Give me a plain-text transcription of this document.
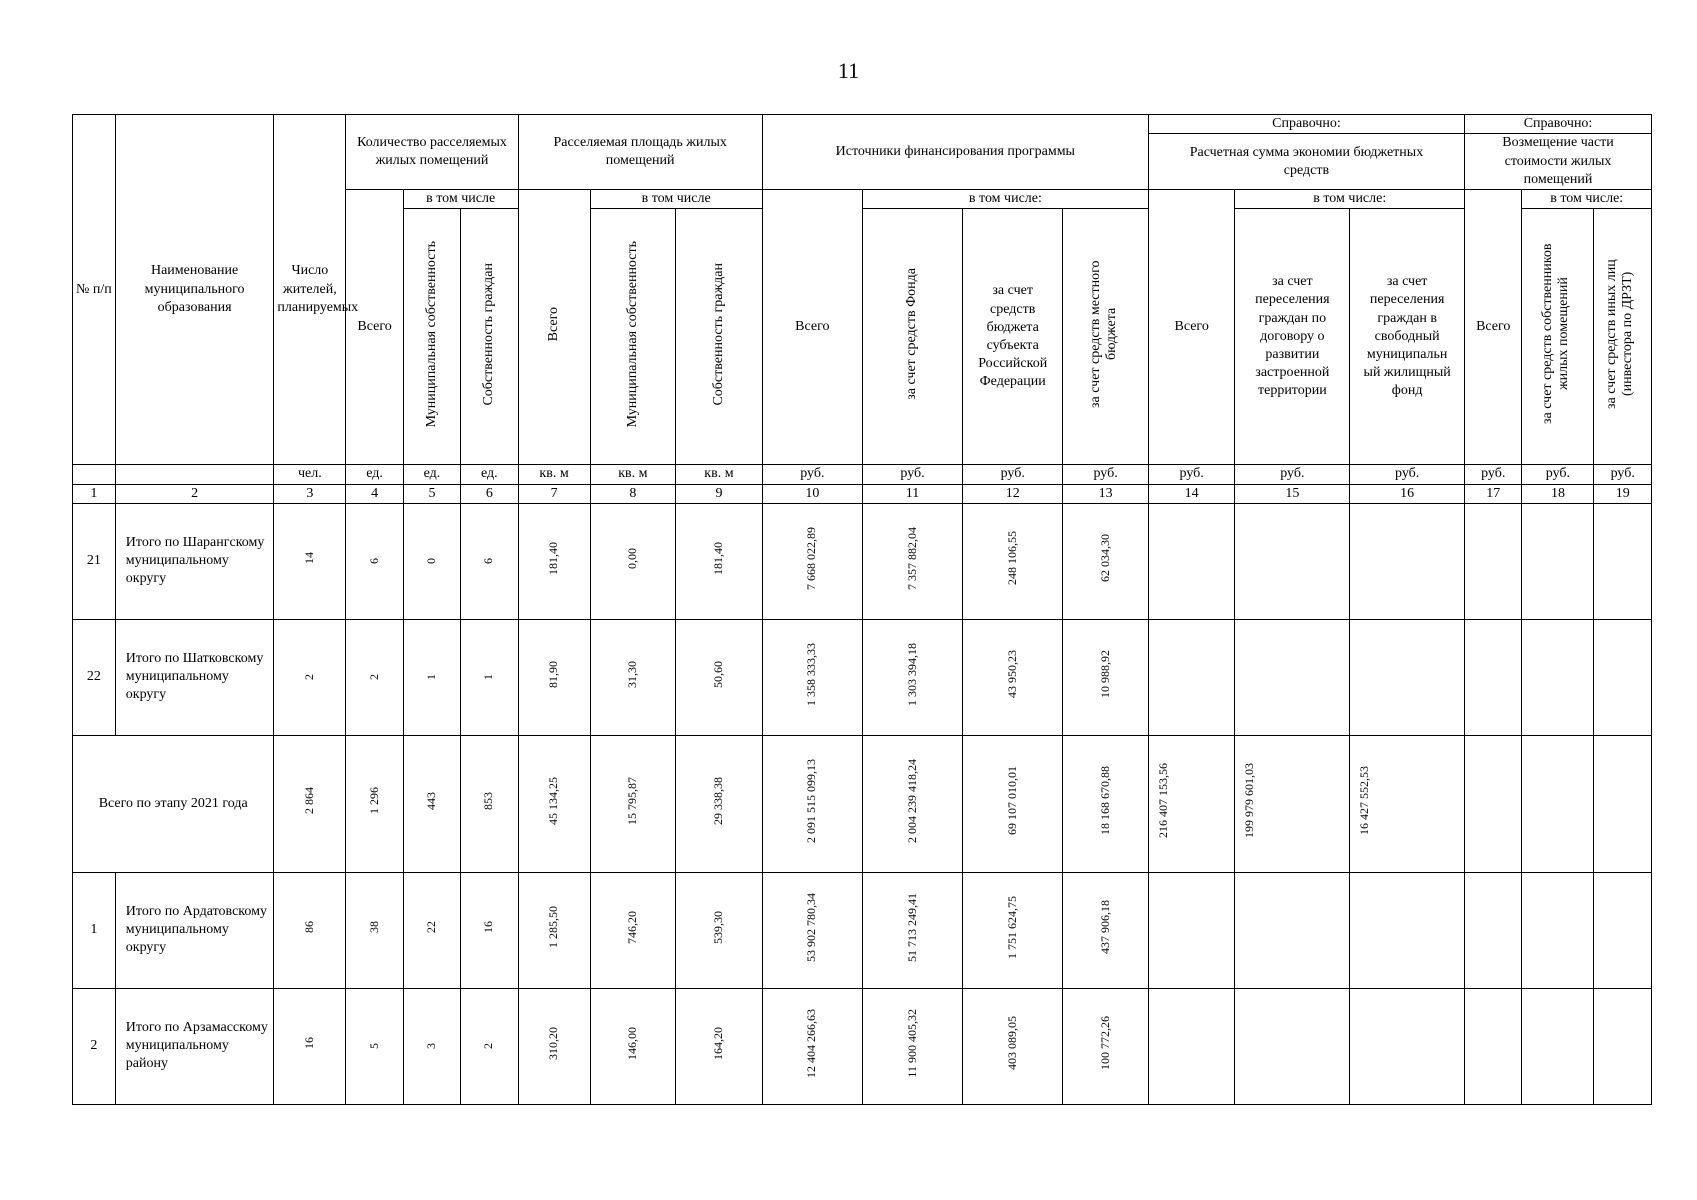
11
№ п/п	Наименование муниципального образования	Число жителей, планируемых	Количество расселяемых жилых помещений			Расселяемая площадь жилых помещений			Источники финансирования программы				Справочно:			Справочно:		
													Расчетная сумма экономии бюджетных средств			Возмещение части стоимости жилых помещений		
			Всего	в том числе		Всего	в том числе		Всего	в том числе:			Всего	в том числе:		Всего	в том числе:	
				Муниципальная собственность	Собственность граждан		Муниципальная собственность	Собственность граждан		за счет средств Фонда	за счет средств бюджета субъекта Российской Федерации	за счет средств местного бюджета		за счет переселения граждан по договору о развитии застроенной территории	за счет переселения граждан в свободный муниципальный жилищный фонд		за счет средств собственников жилых помещений	за счет средств иных лиц (инвестора по ДРЗТ)
		чел.	ед.	ед.	ед.	кв. м	кв. м	кв. м	руб.	руб.	руб.	руб.	руб.	руб.	руб.	руб.	руб.	руб.
1	2	3	4	5	6	7	8	9	10	11	12	13	14	15	16	17	18	19
21	Итого по Шарангскому муниципальному округу	14	6	0	6	181,40	0,00	181,40	7 668 022,89	7 357 882,04	248 106,55	62 034,30						
22	Итого по Шатковскому муниципальному округу	2	2	1	1	81,90	31,30	50,60	1 358 333,33	1 303 394,18	43 950,23	10 988,92						
Всего по этапу 2021 года		2 864	1 296	443	853	45 134,25	15 795,87	29 338,38	2 091 515 099,13	2 004 239 418,24	69 107 010,01	18 168 670,88	216 407 153,56	199 979 601,03	16 427 552,53			
1	Итого по Ардатовскому муниципальному округу	86	38	22	16	1 285,50	746,20	539,30	53 902 780,34	51 713 249,41	1 751 624,75	437 906,18						
2	Итого по Арзамасскому муниципальному району	16	5	3	2	310,20	146,00	164,20	12 404 266,63	11 900 405,32	403 089,05	100 772,26						
